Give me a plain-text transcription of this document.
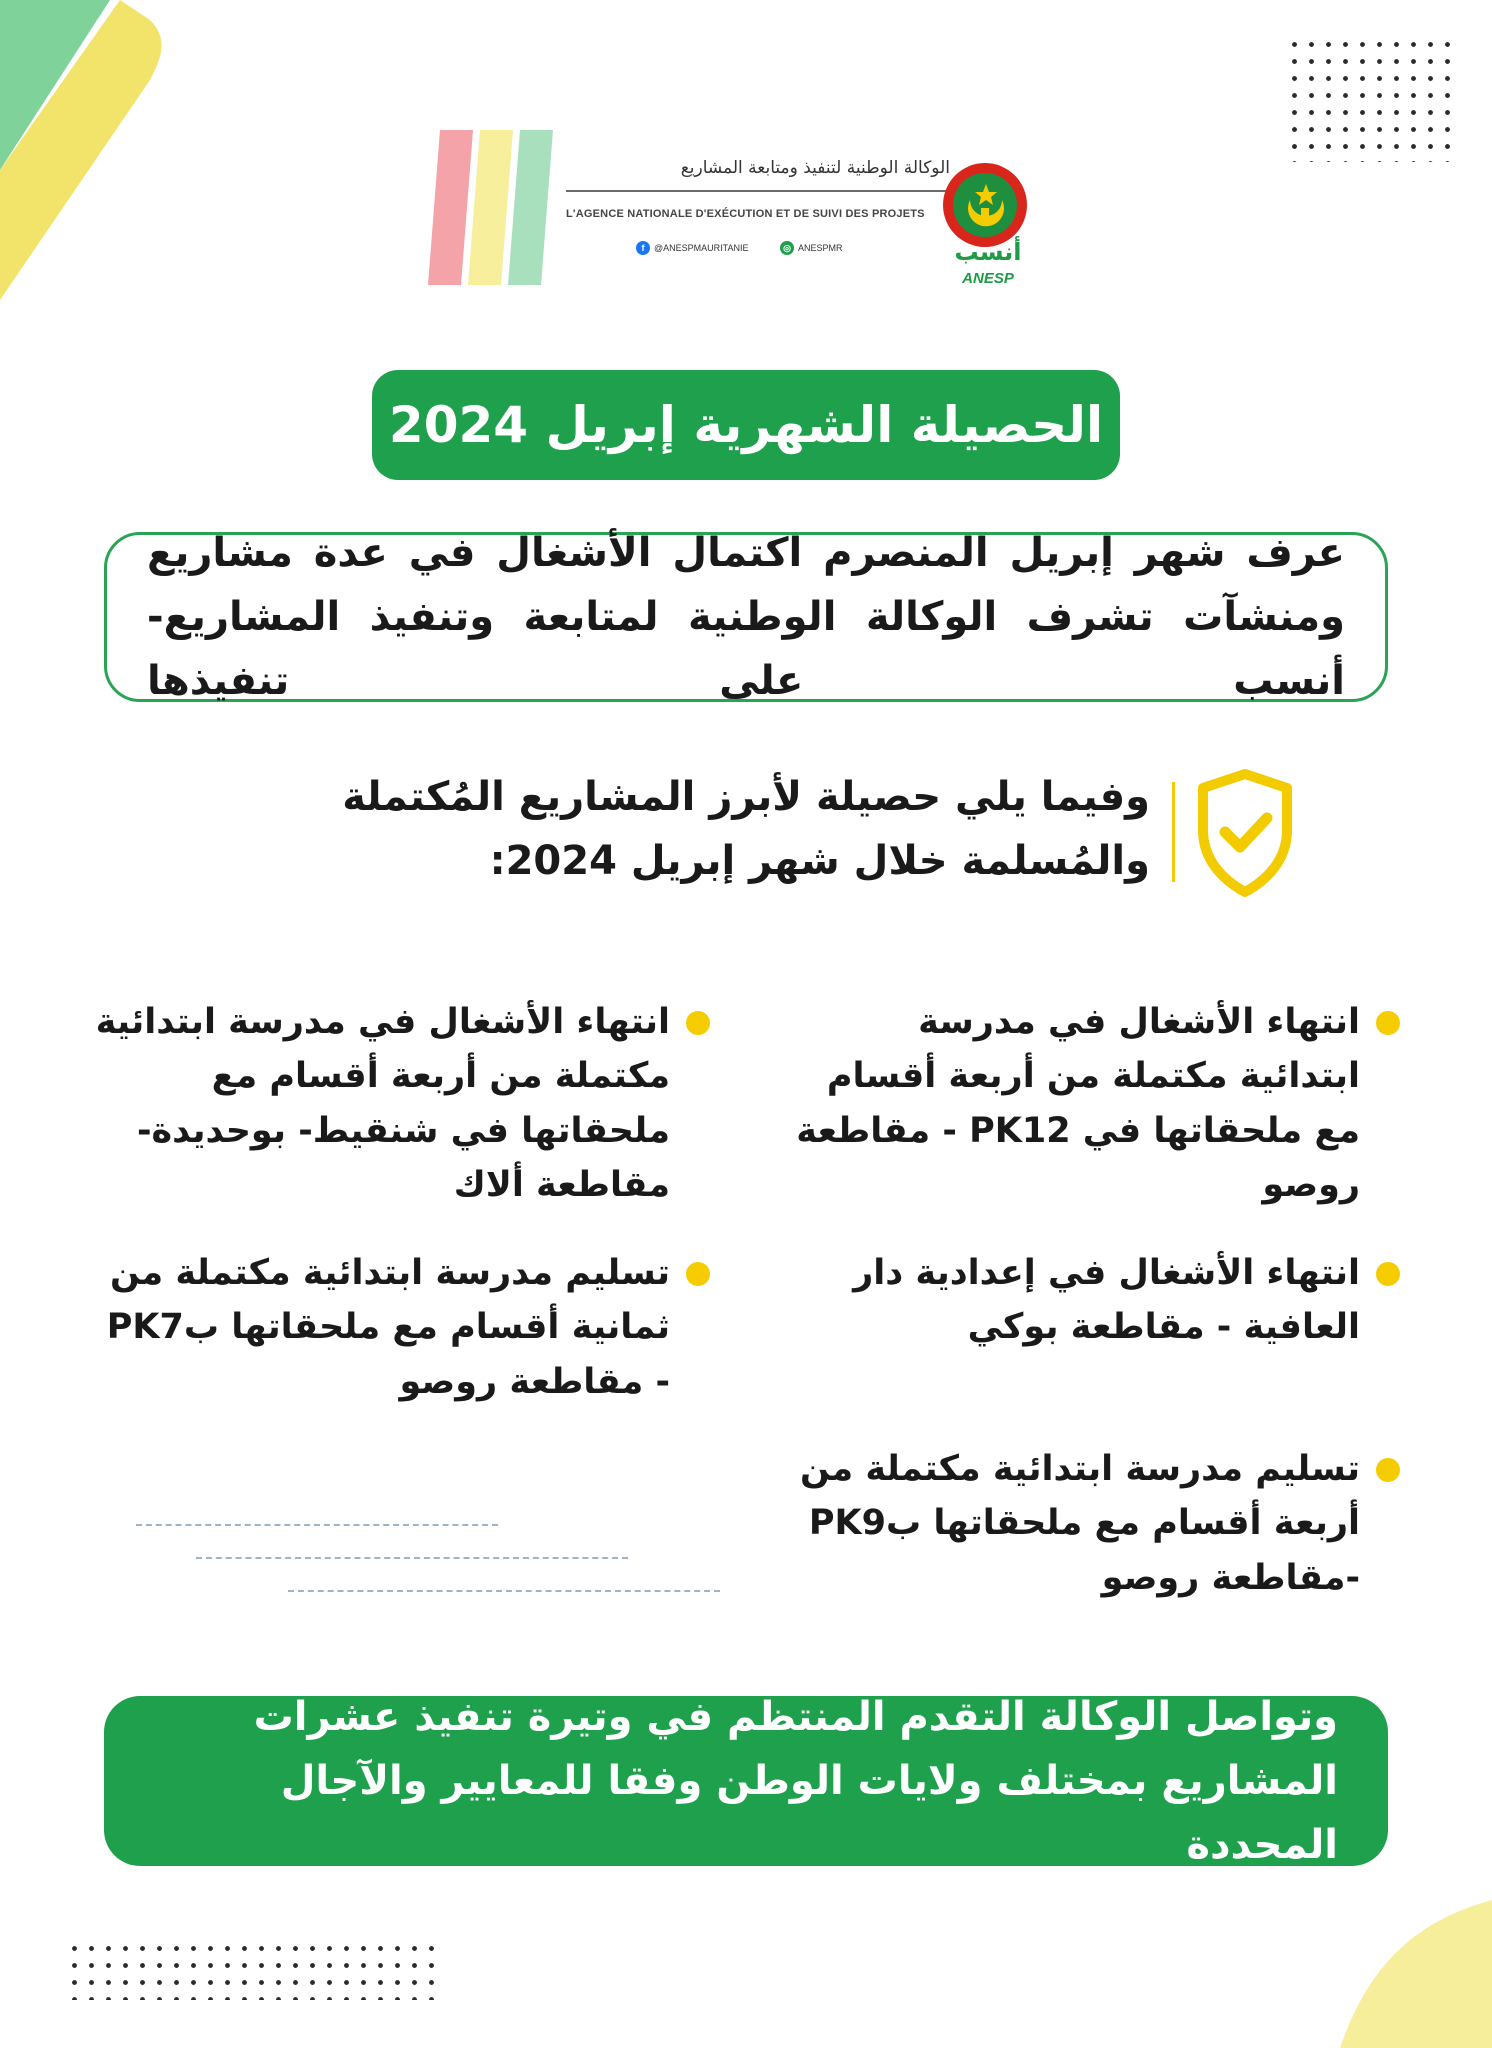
الوكالة الوطنية لتنفيذ ومتابعة المشاريع
L'AGENCE NATIONALE D'EXÉCUTION ET DE SUIVI DES PROJETS
f	@ANESPMAURITANIE	◎ ANESPMR	أنسب
ANESP
الحصيلة الشهرية إبريل 2024

عرف شهر إبريل المنصرم اكتمال الأشغال في عدة مشاريع ومنشآت تشرف الوكالة الوطنية لمتابعة وتنفيذ المشاريع-أنسب على تنفيذها

وفيما يلي حصيلة لأبرز المشاريع المُكتملة والمُسلمة خلال شهر إبريل 2024:

انتهاء الأشغال في مدرسة ابتدائية مكتملة من أربعة أقسام مع ملحقاتها في PK12 - مقاطعة روصو

انتهاء الأشغال في إعدادية دار العافية - مقاطعة بوكي

تسليم مدرسة ابتدائية مكتملة من أربعة أقسام مع ملحقاتها بPK9 -مقاطعة روصو

انتهاء الأشغال في مدرسة ابتدائية مكتملة من أربعة أقسام مع ملحقاتها في شنقيط- بوحديدة- مقاطعة ألاك

تسليم مدرسة ابتدائية مكتملة من ثمانية أقسام مع ملحقاتها بPK7 - مقاطعة روصو

وتواصل الوكالة التقدم المنتظم في وتيرة تنفيذ عشرات المشاريع بمختلف ولايات الوطن وفقا للمعايير والآجال المحددة
